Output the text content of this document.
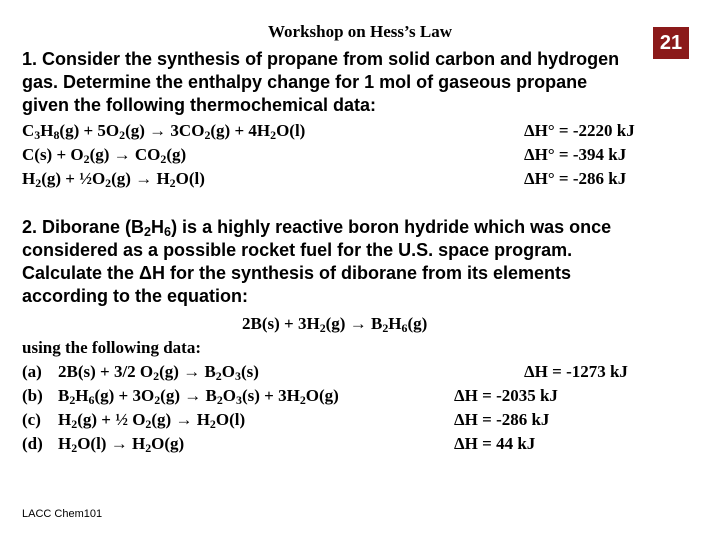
Workshop on Hess’s Law
21
1. Consider the synthesis of propane from solid carbon and hydrogen
gas. Determine the enthalpy change for 1 mol of gaseous propane
given the following thermochemical data:
$C_3H_8(g) + 5O_2(g) \to 3CO_2(g) + 4H_2O(l)$	ΔH° = -2220 kJ
$C(s) + O_2(g) \to CO_2(g)$	ΔH° = -394 kJ
$H_2(g)$ + $\frac{1}{2}O_2(g) \to H_2O(l)$	ΔH° = -286 kJ
2. Diborane $(B_2H_6)$ is a highly reactive boron hydride which was once
considered as a possible rocket fuel for the U.S. space program.
Calculate the ΔH for the synthesis of diborane from its elements
according to the equation:
$2B(s) + 3H_2(g) \to B_2H_6(g)$
using the following data:
(a) 2B(s) + 3/2 $O_2(g) \to B_2O_3(s)$	ΔH = -1273 kJ
(b) $B_2H_6(g) + 3O_2(g) \to B_2O_3(s) + 3H_2O(g)$	ΔH = -2035 kJ
(c) $H_2(g)$ + ½ $O_2(g) \to H_2O(l)$	ΔH = -286 kJ
(d) $H_2O(l) \to H_2O(g)$	ΔH = 44 kJ
LACC Chem101
